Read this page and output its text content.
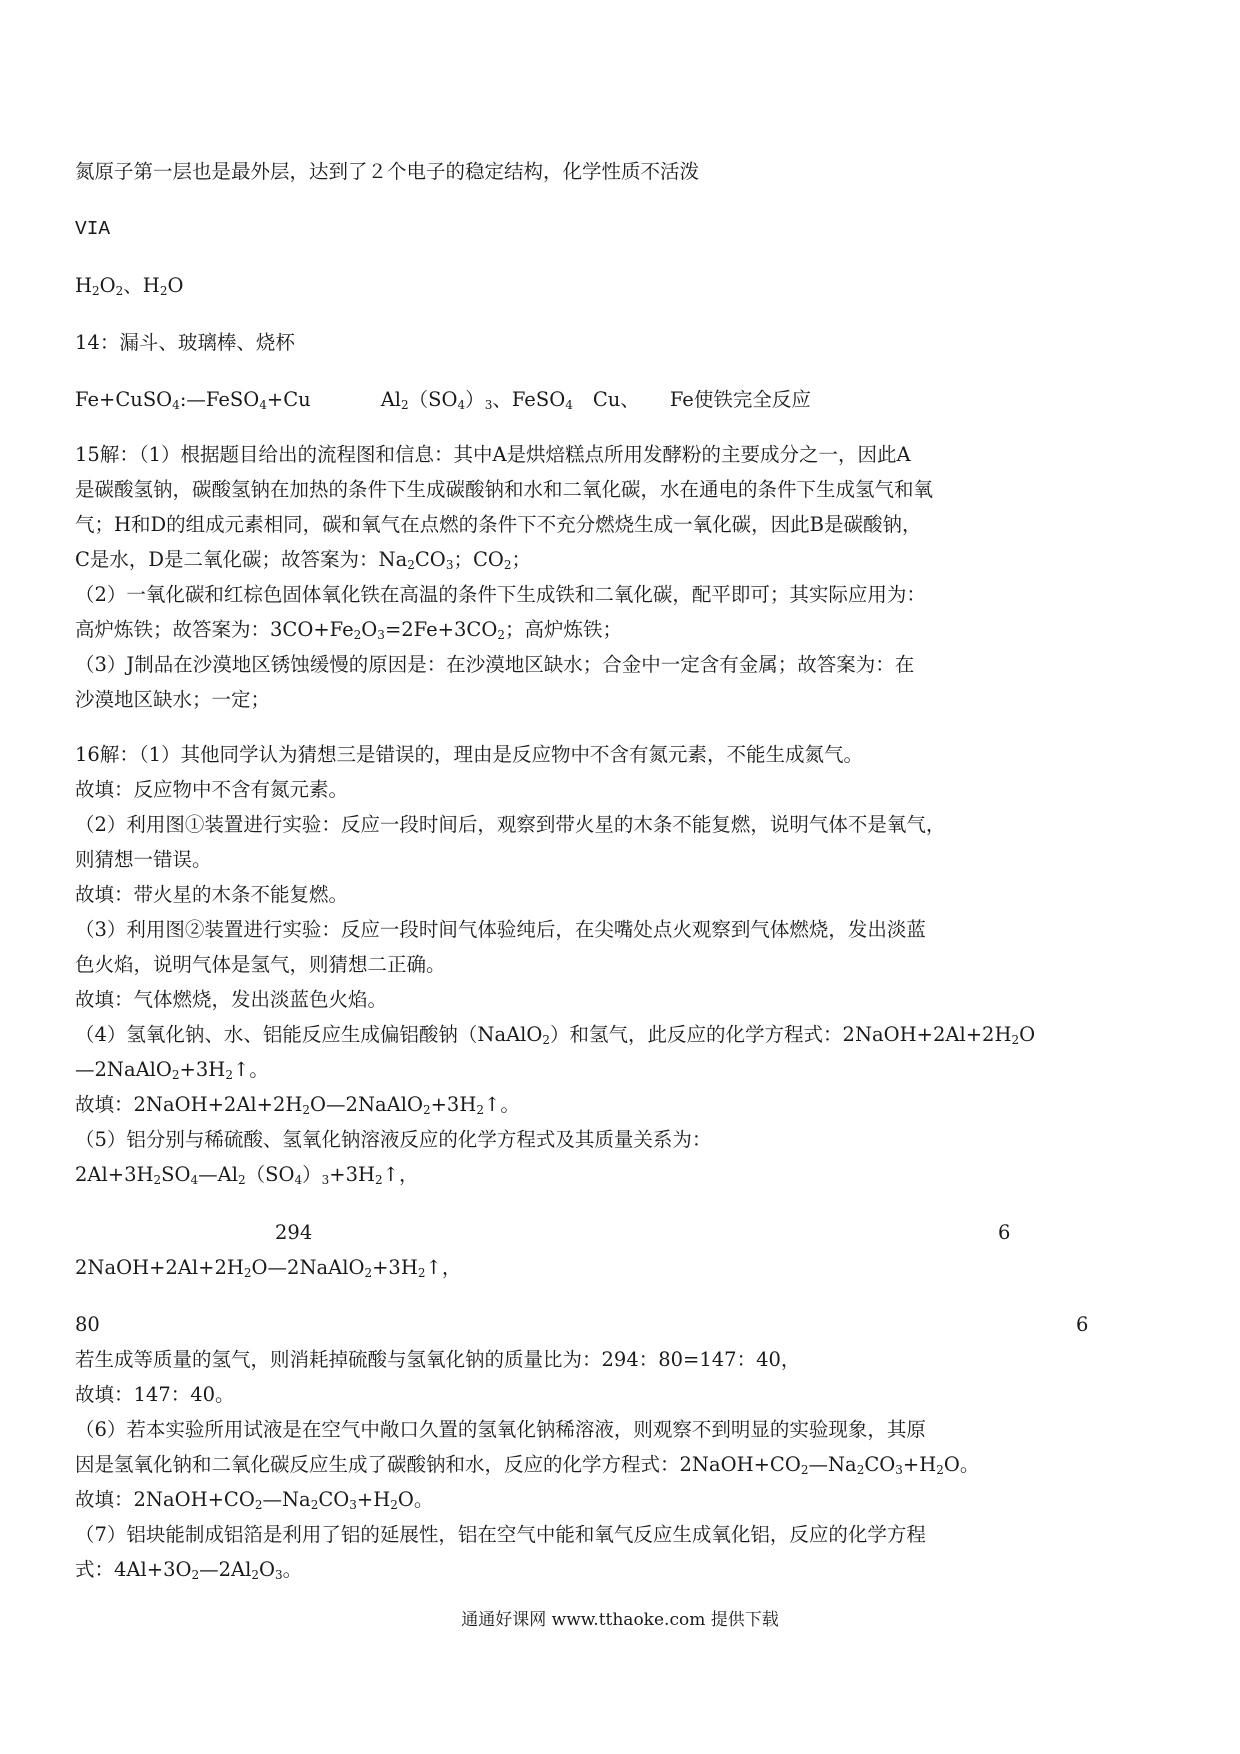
氮原子第一层也是最外层，达到了２个电子的稳定结构，化学性质不活泼
VIA
$H_2O_2$、$H_2O$
14：漏斗、玻璃棒、烧杯
Fe+CuSO$_4$:—FeSO$_4$+Cu	$Al_2(SO_4)_3$、FeSO$_4$ Cu、 Fe使铁完全反应
15解：（1）根据题目给出的流程图和信息：其中A是烘焙糕点所用发酵粉的主要成分之一，因此A
是碳酸氢钠，碳酸氢钠在加热的条件下生成碳酸钠和水和二氧化碳，水在通电的条件下生成氢气和氧
气；H和D的组成元素相同，碳和氧气在点燃的条件下不充分燃烧生成一氧化碳，因此B是碳酸钠，
C是水，D是二氧化碳；故答案为：$Na_2CO_3$；$CO_2$；
（2）一氧化碳和红棕色固体氧化铁在高温的条件下生成铁和二氧化碳，配平即可；其实际应用为：
高炉炼铁；故答案为：$3CO+Fe_2O_3=2Fe+3CO_2$；高炉炼铁；
（3）J制品在沙漠地区锈蚀缓慢的原因是：在沙漠地区缺水；合金中一定含有金属；故答案为：在
沙漠地区缺水；一定；
16解：（1）其他同学认为猜想三是错误的，理由是反应物中不含有氮元素，不能生成氮气。
故填：反应物中不含有氮元素。
（2）利用图①装置进行实验：反应一段时间后，观察到带火星的木条不能复燃，说明气体不是氧气，
则猜想一错误。
故填：带火星的木条不能复燃。
（3）利用图②装置进行实验：反应一段时间气体验纯后，在尖嘴处点火观察到气体燃烧，发出淡蓝
色火焰，说明气体是氢气，则猜想二正确。
故填：气体燃烧，发出淡蓝色火焰。
（4）氢氧化钠、水、铝能反应生成偏铝酸钠（NaAlO$_2$）和氢气，此反应的化学方程式：$2NaOH+2Al+2H_2O$
$—2NaAlO_2+3H_2↑$。
故填：$2NaOH+2Al+2H_2O—2NaAlO_2+3H_2↑$。
（5）铝分别与稀硫酸、氢氧化钠溶液反应的化学方程式及其质量关系为：
$2Al+3H_2SO_4—Al_2(SO_4)_3+3H_2↑$，
294	6
$2NaOH+2Al+2H_2O—2NaAlO_2+3H_2↑$，
80	6
若生成等质量的氢气，则消耗掉硫酸与氢氧化钠的质量比为：294：80=147：40，
故填：147：40。
（6）若本实验所用试液是在空气中敞口久置的氢氧化钠稀溶液，则观察不到明显的实验现象，其原
因是氢氧化钠和二氧化碳反应生成了碳酸钠和水，反应的化学方程式：$2NaOH+CO_2—Na_2CO_3+H_2O$。
故填：$2NaOH+CO_2—Na_2CO_3+H_2O$。
（7）铝块能制成铝箔是利用了铝的延展性，铝在空气中能和氧气反应生成氧化铝，反应的化学方程
式：$4Al+3O_2—2Al_2O_3$。
通通好课网 www.tthaoke.com 提供下载
